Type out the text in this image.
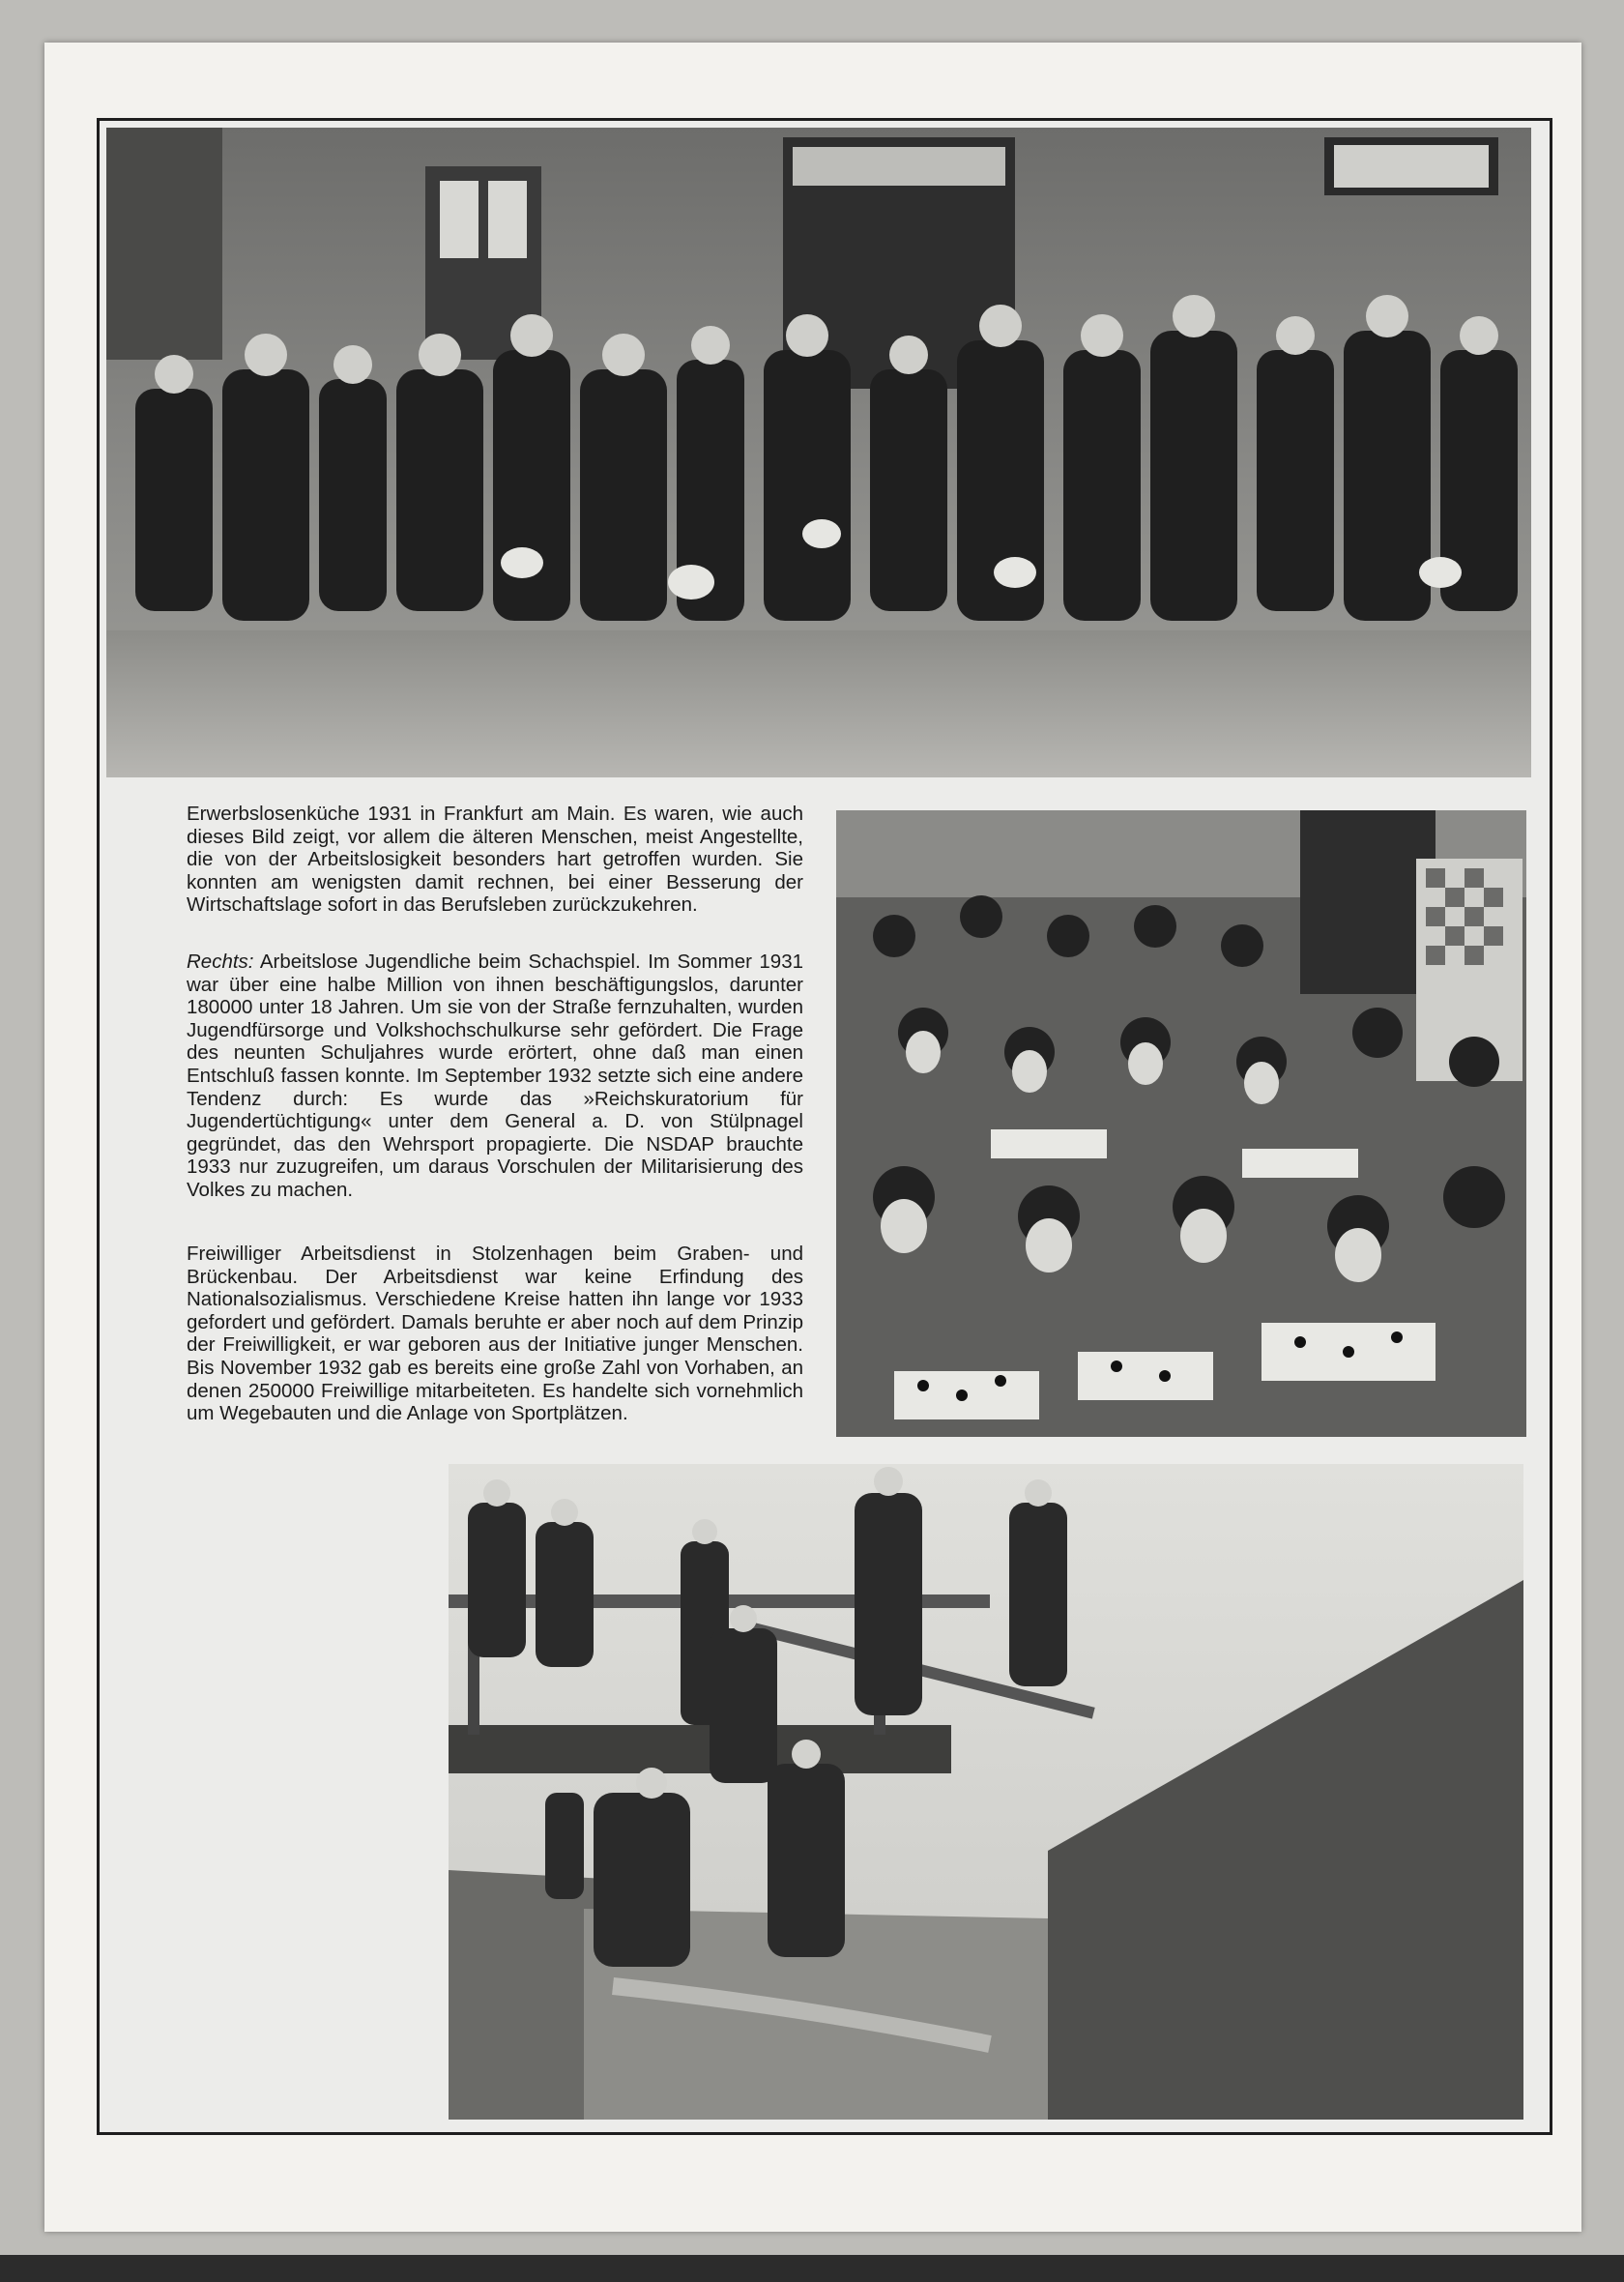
Erwerbslosenküche 1931 in Frankfurt am Main. Es waren, wie auch dieses Bild zeigt, vor allem die älteren Menschen, meist Angestellte, die von der Arbeitslosigkeit besonders hart getroffen wurden. Sie konnten am wenigsten damit rechnen, bei einer Besserung der Wirtschaftslage sofort in das Berufsleben zurückzukehren.

Rechts: Arbeitslose Jugendliche beim Schachspiel. Im Sommer 1931 war über eine halbe Million von ihnen beschäftigungslos, darunter 180000 unter 18 Jahren. Um sie von der Straße fernzuhalten, wurden Jugendfürsorge und Volkshochschulkurse sehr gefördert. Die Frage des neunten Schuljahres wurde erörtert, ohne daß man einen Entschluß fassen konnte. Im September 1932 setzte sich eine andere Tendenz durch: Es wurde das »Reichskuratorium für Jugendertüchtigung« unter dem General a. D. von Stülpnagel gegründet, das den Wehrsport propagierte. Die NSDAP brauchte 1933 nur zuzugreifen, um daraus Vorschulen der Militarisierung des Volkes zu machen.

Freiwilliger Arbeitsdienst in Stolzenhagen beim Graben- und Brückenbau. Der Arbeitsdienst war keine Erfindung des Nationalsozialismus. Verschiedene Kreise hatten ihn lange vor 1933 gefordert und gefördert. Damals beruhte er aber noch auf dem Prinzip der Freiwilligkeit, er war geboren aus der Initiative junger Menschen. Bis November 1932 gab es bereits eine große Zahl von Vorhaben, an denen 250000 Freiwillige mitarbeiteten. Es handelte sich vornehmlich um Wegebauten und die Anlage von Sportplätzen.
